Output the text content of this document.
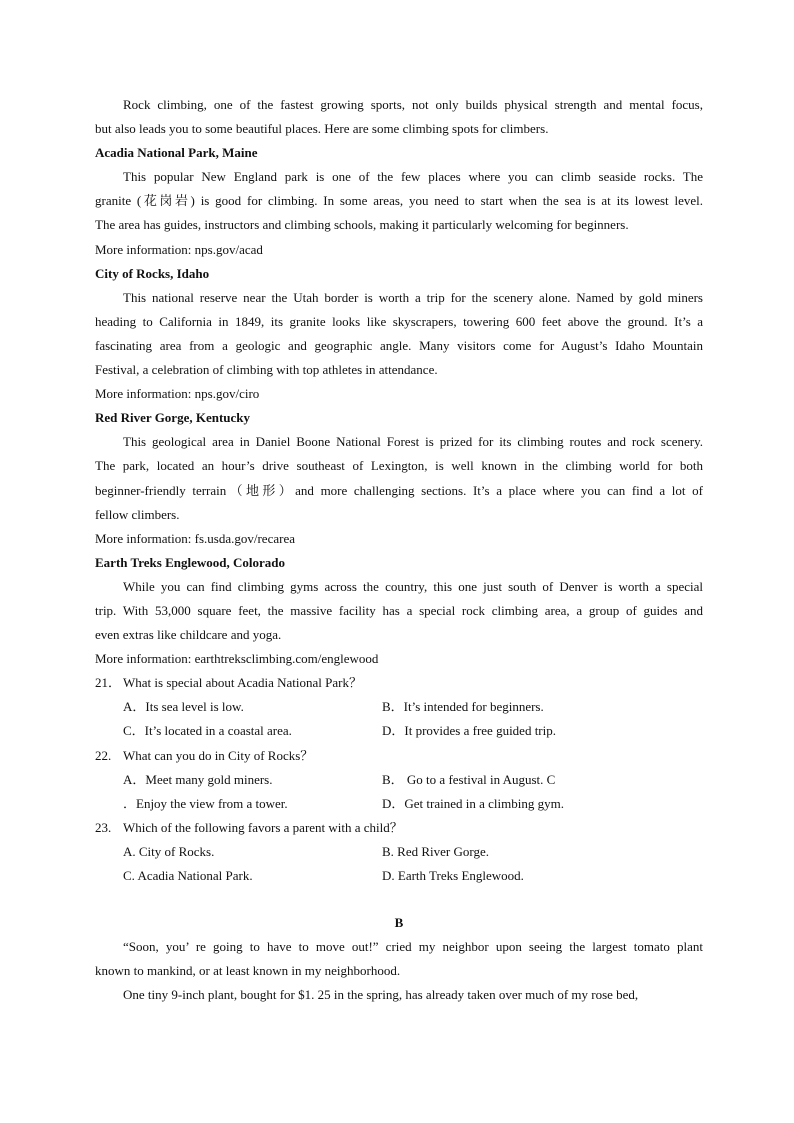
Rock climbing, one of the fastest growing sports, not only builds physical strength and mental focus,
but also leads you to some beautiful places. Here are some climbing spots for climbers.
Acadia National Park, Maine
This popular New England park is one of the few places where you can climb seaside rocks. The
granite (花岗岩) is good for climbing. In some areas, you need to start when the sea is at its lowest level.
The area has guides, instructors and climbing schools, making it particularly welcoming for beginners.
More information: nps.gov/acad
City of Rocks, Idaho
This national reserve near the Utah border is worth a trip for the scenery alone. Named by gold miners
heading to California in 1849, its granite looks like skyscrapers, towering 600 feet above the ground. It’s a
fascinating area from a geologic and geographic angle. Many visitors come for August’s Idaho Mountain
Festival, a celebration of climbing with top athletes in attendance.
More information: nps.gov/ciro
Red River Gorge, Kentucky
This geological area in Daniel Boone National Forest is prized for its climbing routes and rock scenery.
The park, located an hour’s drive southeast of Lexington, is well known in the climbing world for both
beginner-friendly terrain（地形）and more challenging sections. It’s a place where you can find a lot of
fellow climbers.
More information: fs.usda.gov/recarea
Earth Treks Englewood, Colorado
While you can find climbing gyms across the country, this one just south of Denver is worth a special
trip. With 53,000 square feet, the massive facility has a special rock climbing area, a group of guides and
even extras like childcare and yoga.
More information: earthtreksclimbing.com/englewood
21． What is special about Acadia National Park？
A．Its sea level is low.	B．It’s intended for beginners.
C．It’s located in a coastal area.	D．It provides a free guided trip.
22. What can you do in City of Rocks？
A．Meet many gold miners.	B． Go to a festival in August. C
．Enjoy the view from a tower.	D．Get trained in a climbing gym.
23. Which of the following favors a parent with a child？
A. City of Rocks.	B. Red River Gorge.
C. Acadia National Park.	D. Earth Treks Englewood.
B
“Soon, you’ re going to have to move out!” cried my neighbor upon seeing the largest tomato plant
known to mankind, or at least known in my neighborhood.
One tiny 9-inch plant, bought for $1. 25 in the spring, has already taken over much of my rose bed,
